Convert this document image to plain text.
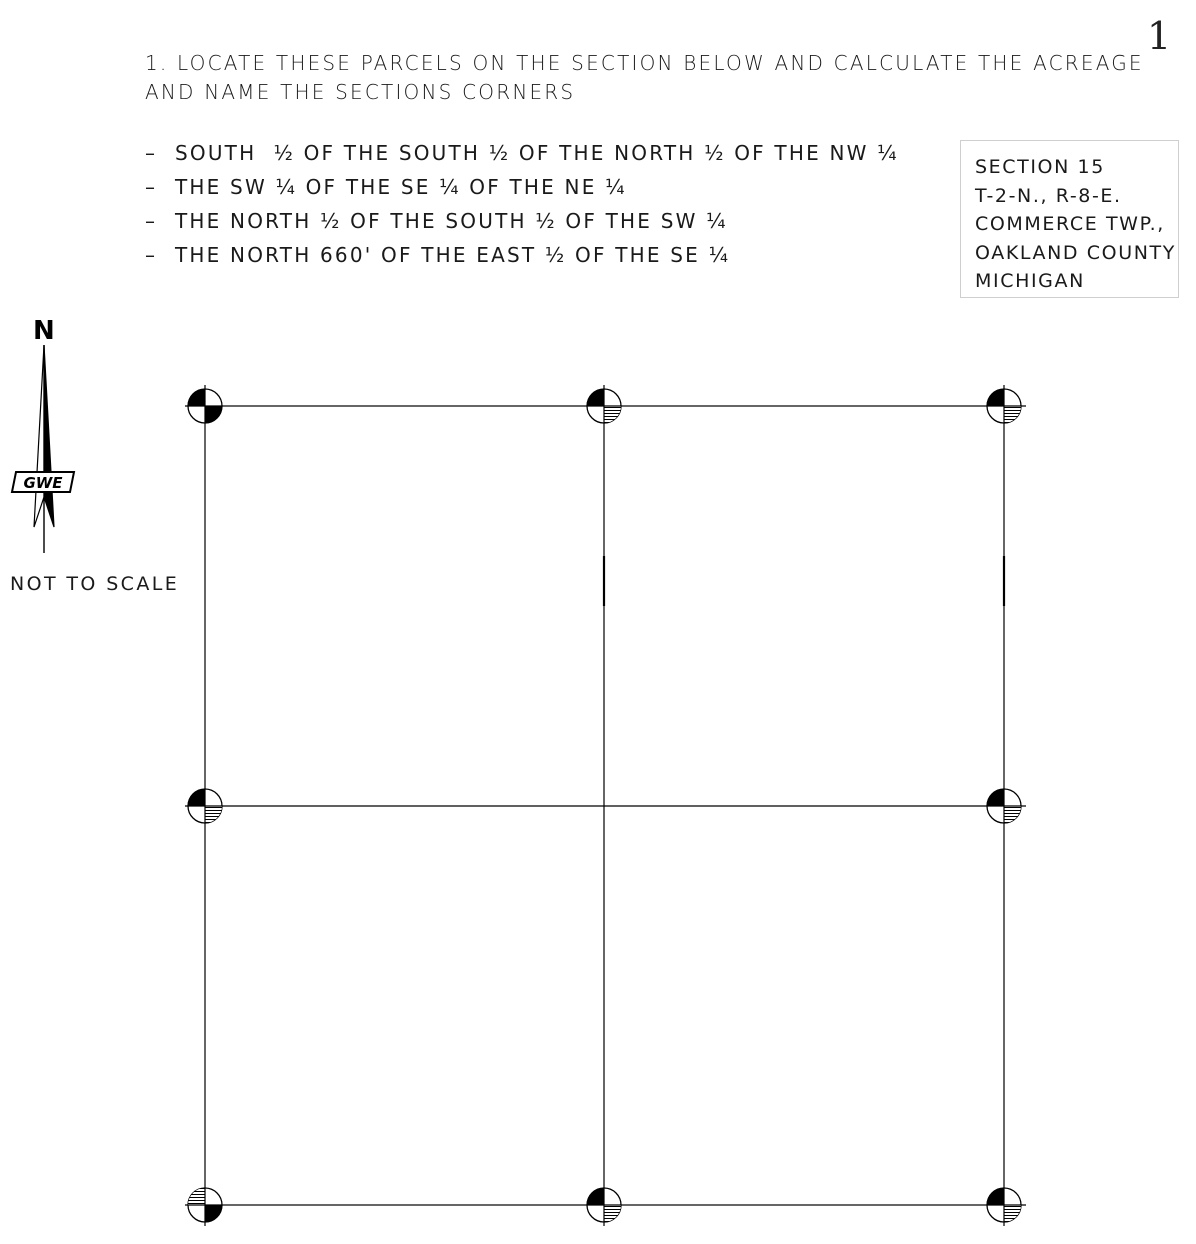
1
1. LOCATE THESE PARCELS ON THE SECTION BELOW AND CALCULATE THE ACREAGE
AND NAME THE SECTIONS CORNERS
– SOUTH  ½ OF THE SOUTH ½ OF THE NORTH ½ OF THE NW ¼
– THE SW ¼ OF THE SE ¼ OF THE NE ¼
– THE NORTH ½ OF THE SOUTH ½ OF THE SW ¼
– THE NORTH 660' OF THE EAST ½ OF THE SE ¼
SECTION 15
T-2-N., R-8-E.
COMMERCE TWP.,
OAKLAND COUNTY
MICHIGAN
N
NOT TO SCALE
GWE
